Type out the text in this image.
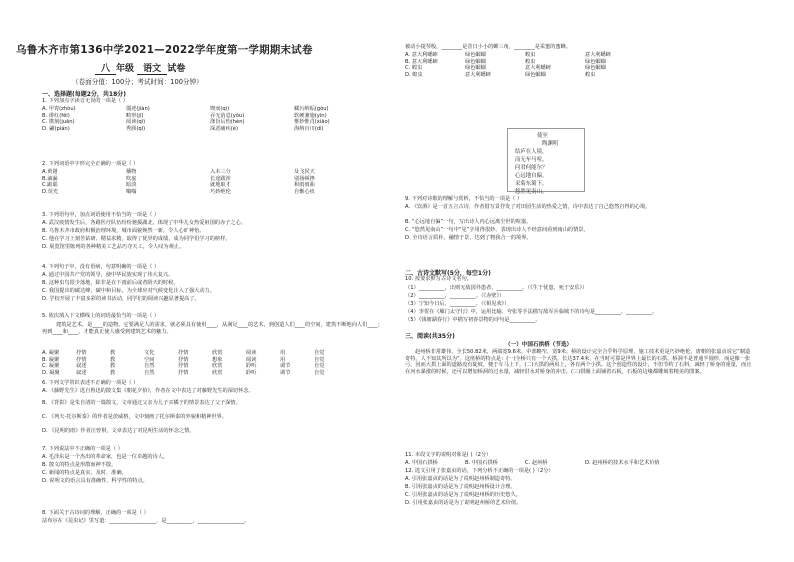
乌鲁木齐市第136中学2021—2022学年度第一学期期末试卷
八 年级 语文 试卷
（卷面分值：100分；考试时间：100分钟）
一、选择题(每题2分，共18分)
1. 下列加点字读音无误的一项是（ ）
A. 甲胄(zhòu)	僵迹(jiàn)	锲而(qi)	藏污纳垢(gòu)
B. 绯红(fēi)	畸形(jī)	吞无消息(yǒu)	软硬兼施(yīn)
C. 镌刻(juān)	阅读(qì)	涤旨后怡(hèn)	惟妙惟肖(xiāo)
D. 翩(pián)	秀颀(qí)	深恶痛疾(é)	海纳百川(dì)
2. 下列词语中字形完全正确的一项是（ ）
A.黄翅	播物	入木三分	及飞侯天
B.滴漏	吹虚	长途跋涉	别扬顿挫
C.踉聪	暗淡	就地取才	和雨雨曲
D.荧光	嗡嗡	巧妙绝伦	自惭心疚
3. 下列语句中，加点词语使用不恰当的一项是（ ）
A. 武汉疫情发生后，各路医疗队伍纷纷驰援湖北，体现了中华儿女热爱祖国的赤子之心。
B. 乌鲁木齐市政府积极治理环境，城市面貌焕然一新，令人心旷神怡。
C. 他在学习上刻苦钻研、精益求精，取得了优异的成绩，成为同学们学习的榜样。
D. 展览馆里陈列的各种精美工艺品巧夺天工，令人叹为观止。
4. 下列句子中，没有语病，句意明确的一项是（ ）
A. 通过中国共产党的领导，使中华民族实现了伟大复兴。
B. 这种虫鸟很少落地，除非是在下雨前后或者阴天的时候。
C. 我国提出的碳达峰、碳中和目标，为全球应对气候变化注入了强大动力。
D. 学校开展了丰富多彩的读书活动，同学们的阅读兴趣显著提高了。
5. 依次填入下文横线上的词语最恰当的一项是（ ）
建筑是艺术，是____的造物。它要满足人的需求，就必须具有使用____，从满足____的艺术，到创造人们____的空间，建筑不断地向人们____；再到____和____，才能真正使人感受到建筑艺术的魅力。
A. 凝聚	抒情	教	文化	抒情	欣赏	阅读	用	自觉
B. 凝聚	抒情	教	空间	抒情	想象	阅读	用	自觉
C. 凝聚	叙述	教	自然	抒情	欣赏	聆听	调节	自觉
D. 凝聚	叙述	教	自然	抒情	欣赏	聆听	调节	自觉
6. 下列文学常识表述不正确的一项是（ ）
A. 《藤野先生》选自鲁迅的散文集《朝花夕拾》，作者在文中表达了对藤野先生的深切怀念。
B. 《背影》是朱自清的一篇散文，文章通过父亲为儿子买橘子的情景表达了父子深情。
C. 《列夫·托尔斯泰》的作者是茨威格，文中刻画了托尔斯泰的外貌和精神世界。
D. 《昆明的雨》作者汪曾祺，文章表达了对昆明生活的怀念之情。
7. 下列说法中不正确的一项是（ ）
A. 毛泽东是一个杰出的革命家，也是一位卓越的诗人。
B. 散文的特点是形散而神不散。
C. 新闻的特点是真实、及时、准确。
D. 说明文的语言具有准确性、科学性的特点。
8. 下面关于古诗词的理解，正确的一项是（ ）
法布尔在《昆虫记》里写道：__________________，是__________，__________________。
被动小提琴般，________是昔日小小的蝉三角，________是采蜜的蜜蜂。
A. 意大利蟋蟀	绿色蝈蝈	蝗虫	意大利蟋蟀
B. 意大利蟋蟀	绿色蝈蝈	蝗虫	绿色蝈蝈
C. 蝗虫	绿色蝈蝈	意大利蟋蟀	绿色蝈蝈
D. 蝗虫	意大利蟋蟀	绿色蝈蝈	蝗虫
使至
陶渊明
结庐在人境，
而无车马喧。
问君何能尔？
心远地自偏。
采菊东篱下，
悠然见南山。
9. 下列对诗歌的理解与赏析，不恰当的一项是（ ）
A. 《饮酒》是一首五言古诗，作者借写景抒发了对田园生活的热爱之情，诗中表达了自己悠然自得的心境。
B. “心远地自偏”一句，写出诗人内心远离尘世的喧嚣。
C. “悠然见南山”一句中“见”字用得很妙，表现出诗人不经意间看到南山的情景。
D. 全诗语言质朴，融情于景，达到了物我合一的境界。
二、古诗文默写(5分，每空1分)
10. 按要求默写古诗文名句。
（1）__________，出则无敌国外患者，__________。（《生于忧患，死于安乐》）
（2）__________，__________。（《赤壁》）
（3）宁知今日后，__________。（《相见欢》）
（4）李贺在《雁门太守行》中，运用比喻、夸张等手法描写敌军兵临城下的诗句是__________，__________。
（5）《钱塘湖春行》中描写初春景物的诗句是__________。
三、阅读(共35分)
（一）中国石拱桥（节选）
赵州桥非常雄伟，全长50.82米，两端宽9.6米，中部略窄，宽9米。桥的设计完全合乎科学原理，施工技术更是巧妙绝伦。唐朝的张嘉贞说它“制造奇特，人不知其所以为”。这座桥的特点是：(一)全桥只有一个大拱，长达37.4米，在当时可算是世界上最长的石拱。桥洞不是普通半圆形，而是像一张弓，因而大拱上面的道路没有陡坡，便于车马上下。(二)大拱的两肩上，各有两个小拱。这个创造性的设计，不但节约了石料，减轻了桥身的重量，而且在河水暴涨的时候，还可以增加桥洞的过水量，减轻洪水对桥身的冲击。(三)拱圈上面铺着石板，石板的边缘都雕刻着精美的图案。
11. 本段文字的说明对象是( )（2分）
A. 中国石拱桥	B. 中国石拱桥	C. 赵州桥	D. 赵州桥的技术水平和艺术价值
12. 选文引用了张嘉贞的话，下列分析不正确的一项是( )（2分）
A. 引用张嘉贞的话是为了说明赵州桥制造奇特。
B. 引用张嘉贞的话是为了说明赵州桥设计合理。
C. 引用张嘉贞的话是为了说明赵州桥的历史悠久。
D. 引用张嘉贞的话是为了说明赵州桥的艺术价值。
